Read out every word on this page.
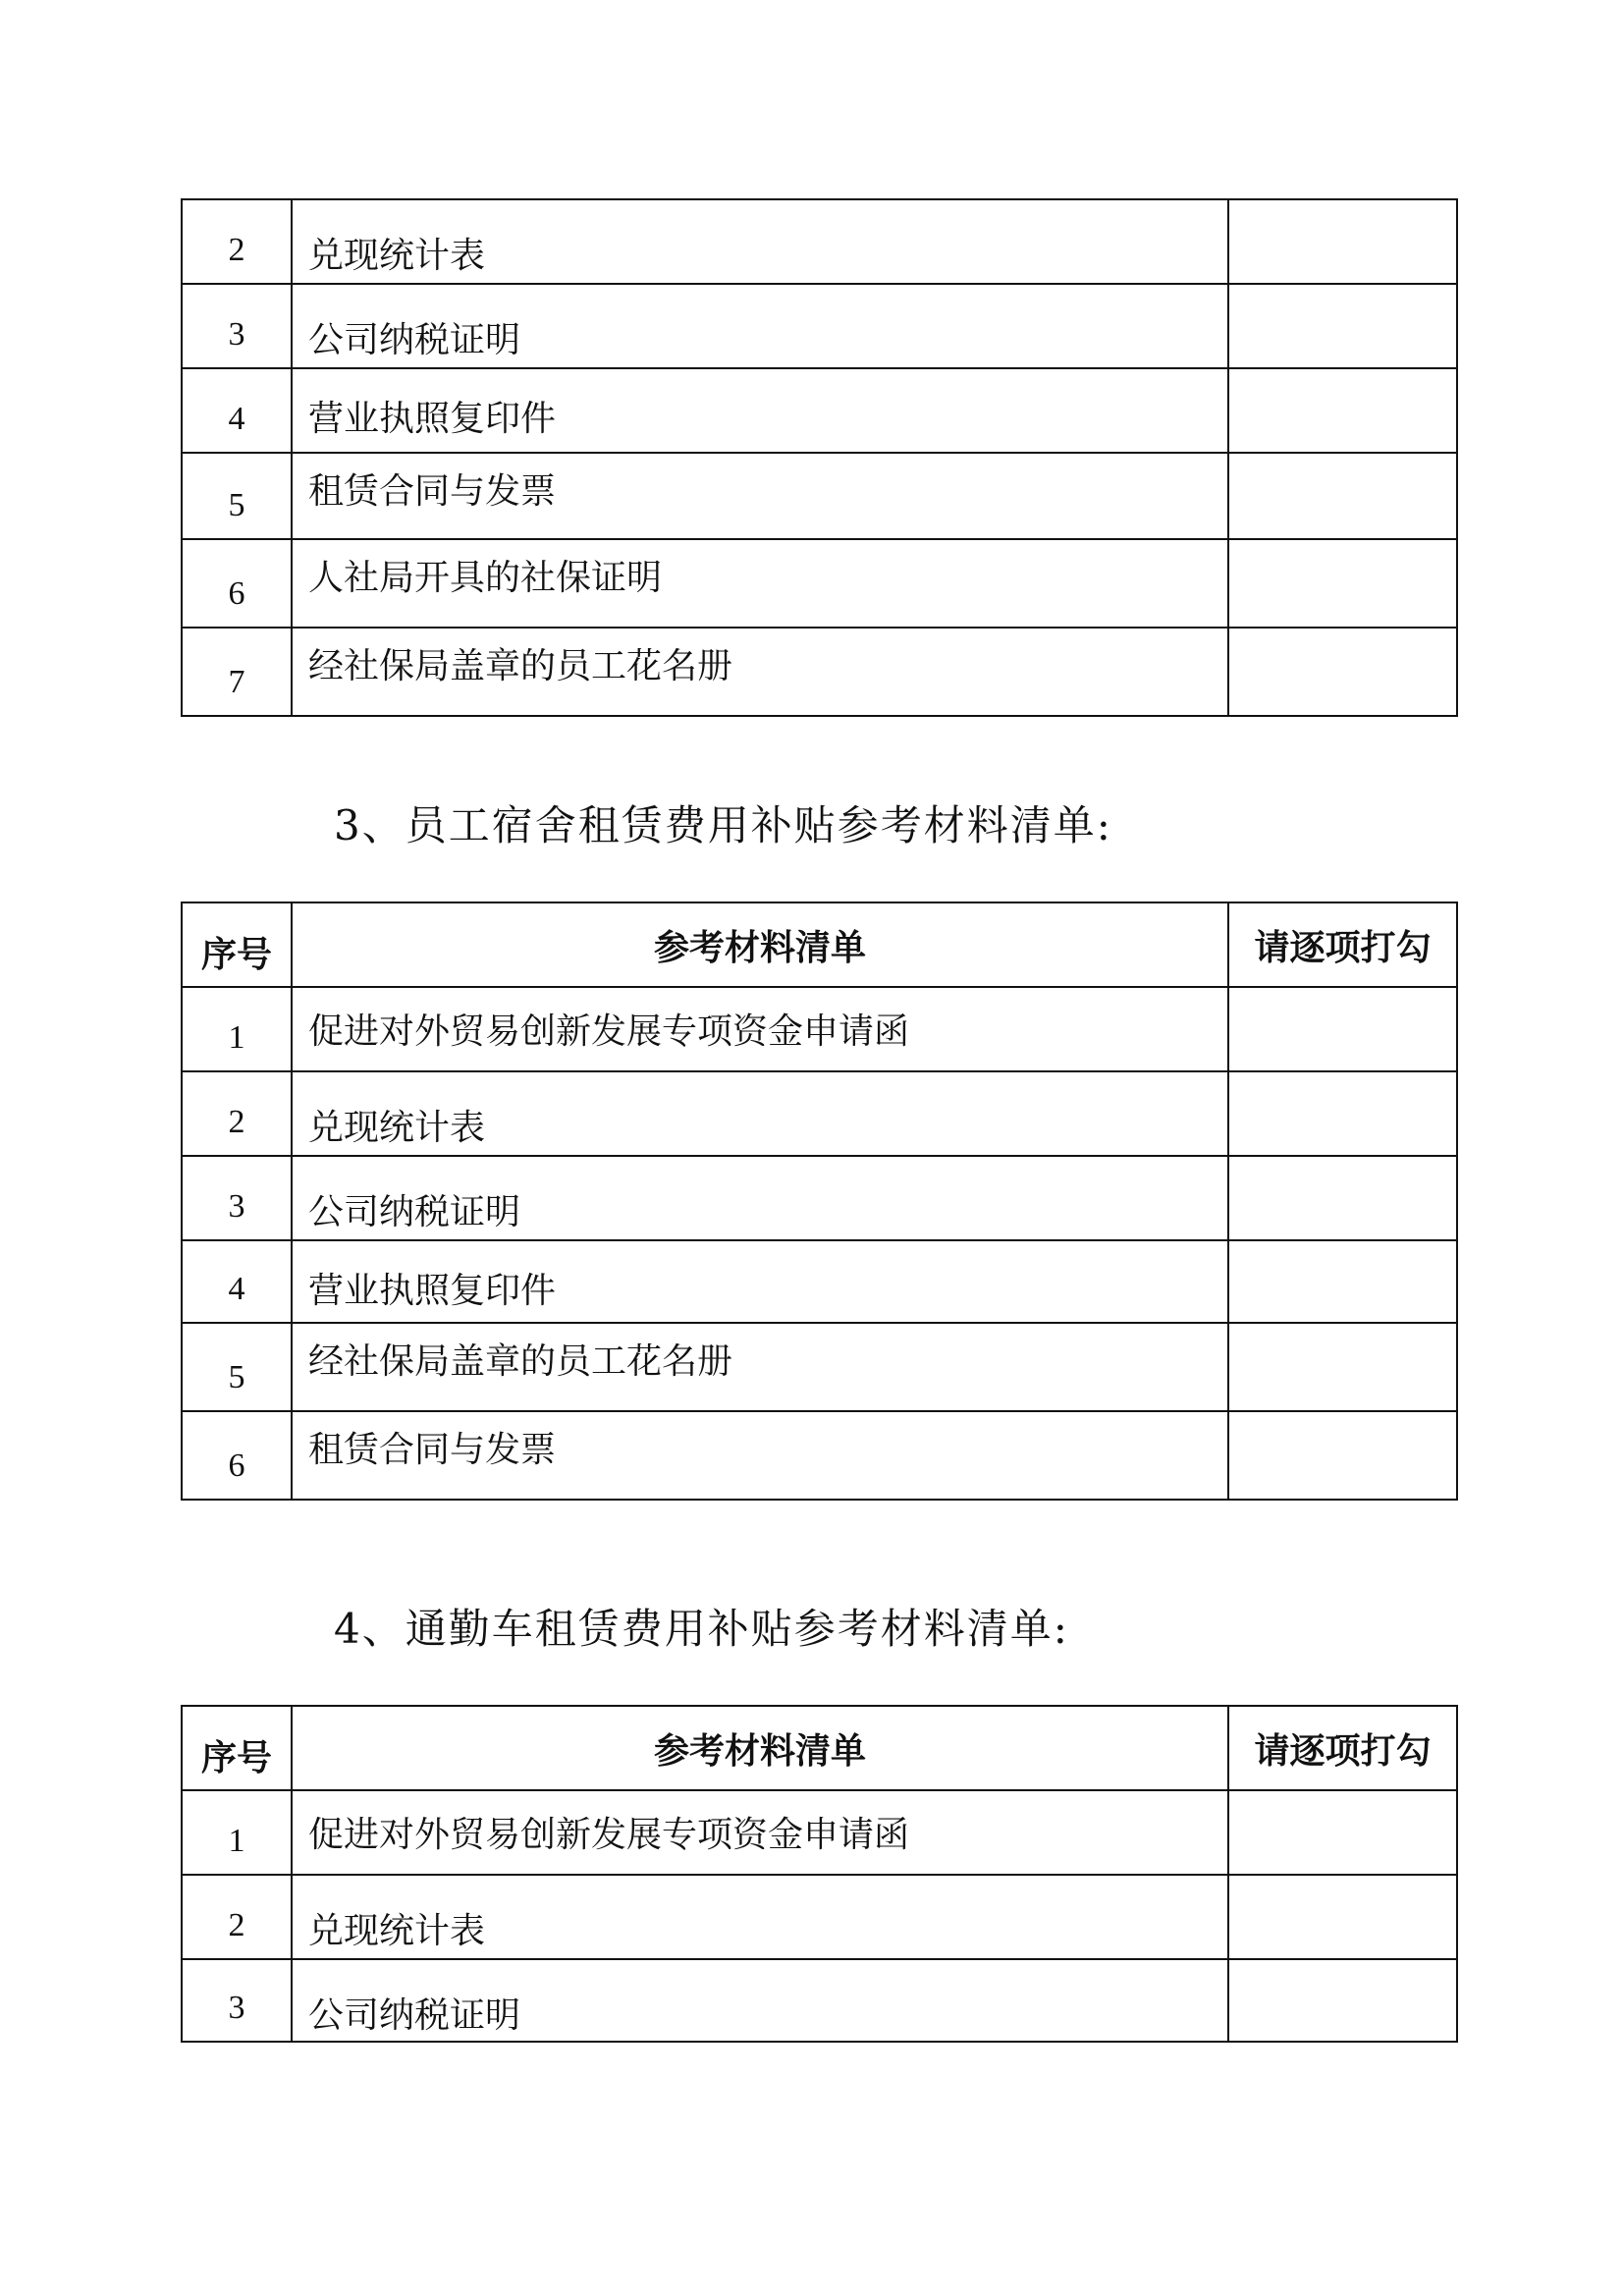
2	兑现统计表	
3	公司纳税证明	
4	营业执照复印件	
5	租赁合同与发票	
6	人社局开具的社保证明	
7	经社保局盖章的员工花名册	

3、员工宿舍租赁费用补贴参考材料清单:

序号	参考材料清单	请逐项打勾
1	促进对外贸易创新发展专项资金申请函	
2	兑现统计表	
3	公司纳税证明	
4	营业执照复印件	
5	经社保局盖章的员工花名册	
6	租赁合同与发票	

4、通勤车租赁费用补贴参考材料清单:

序号	参考材料清单	请逐项打勾
1	促进对外贸易创新发展专项资金申请函	
2	兑现统计表	
3	公司纳税证明	
